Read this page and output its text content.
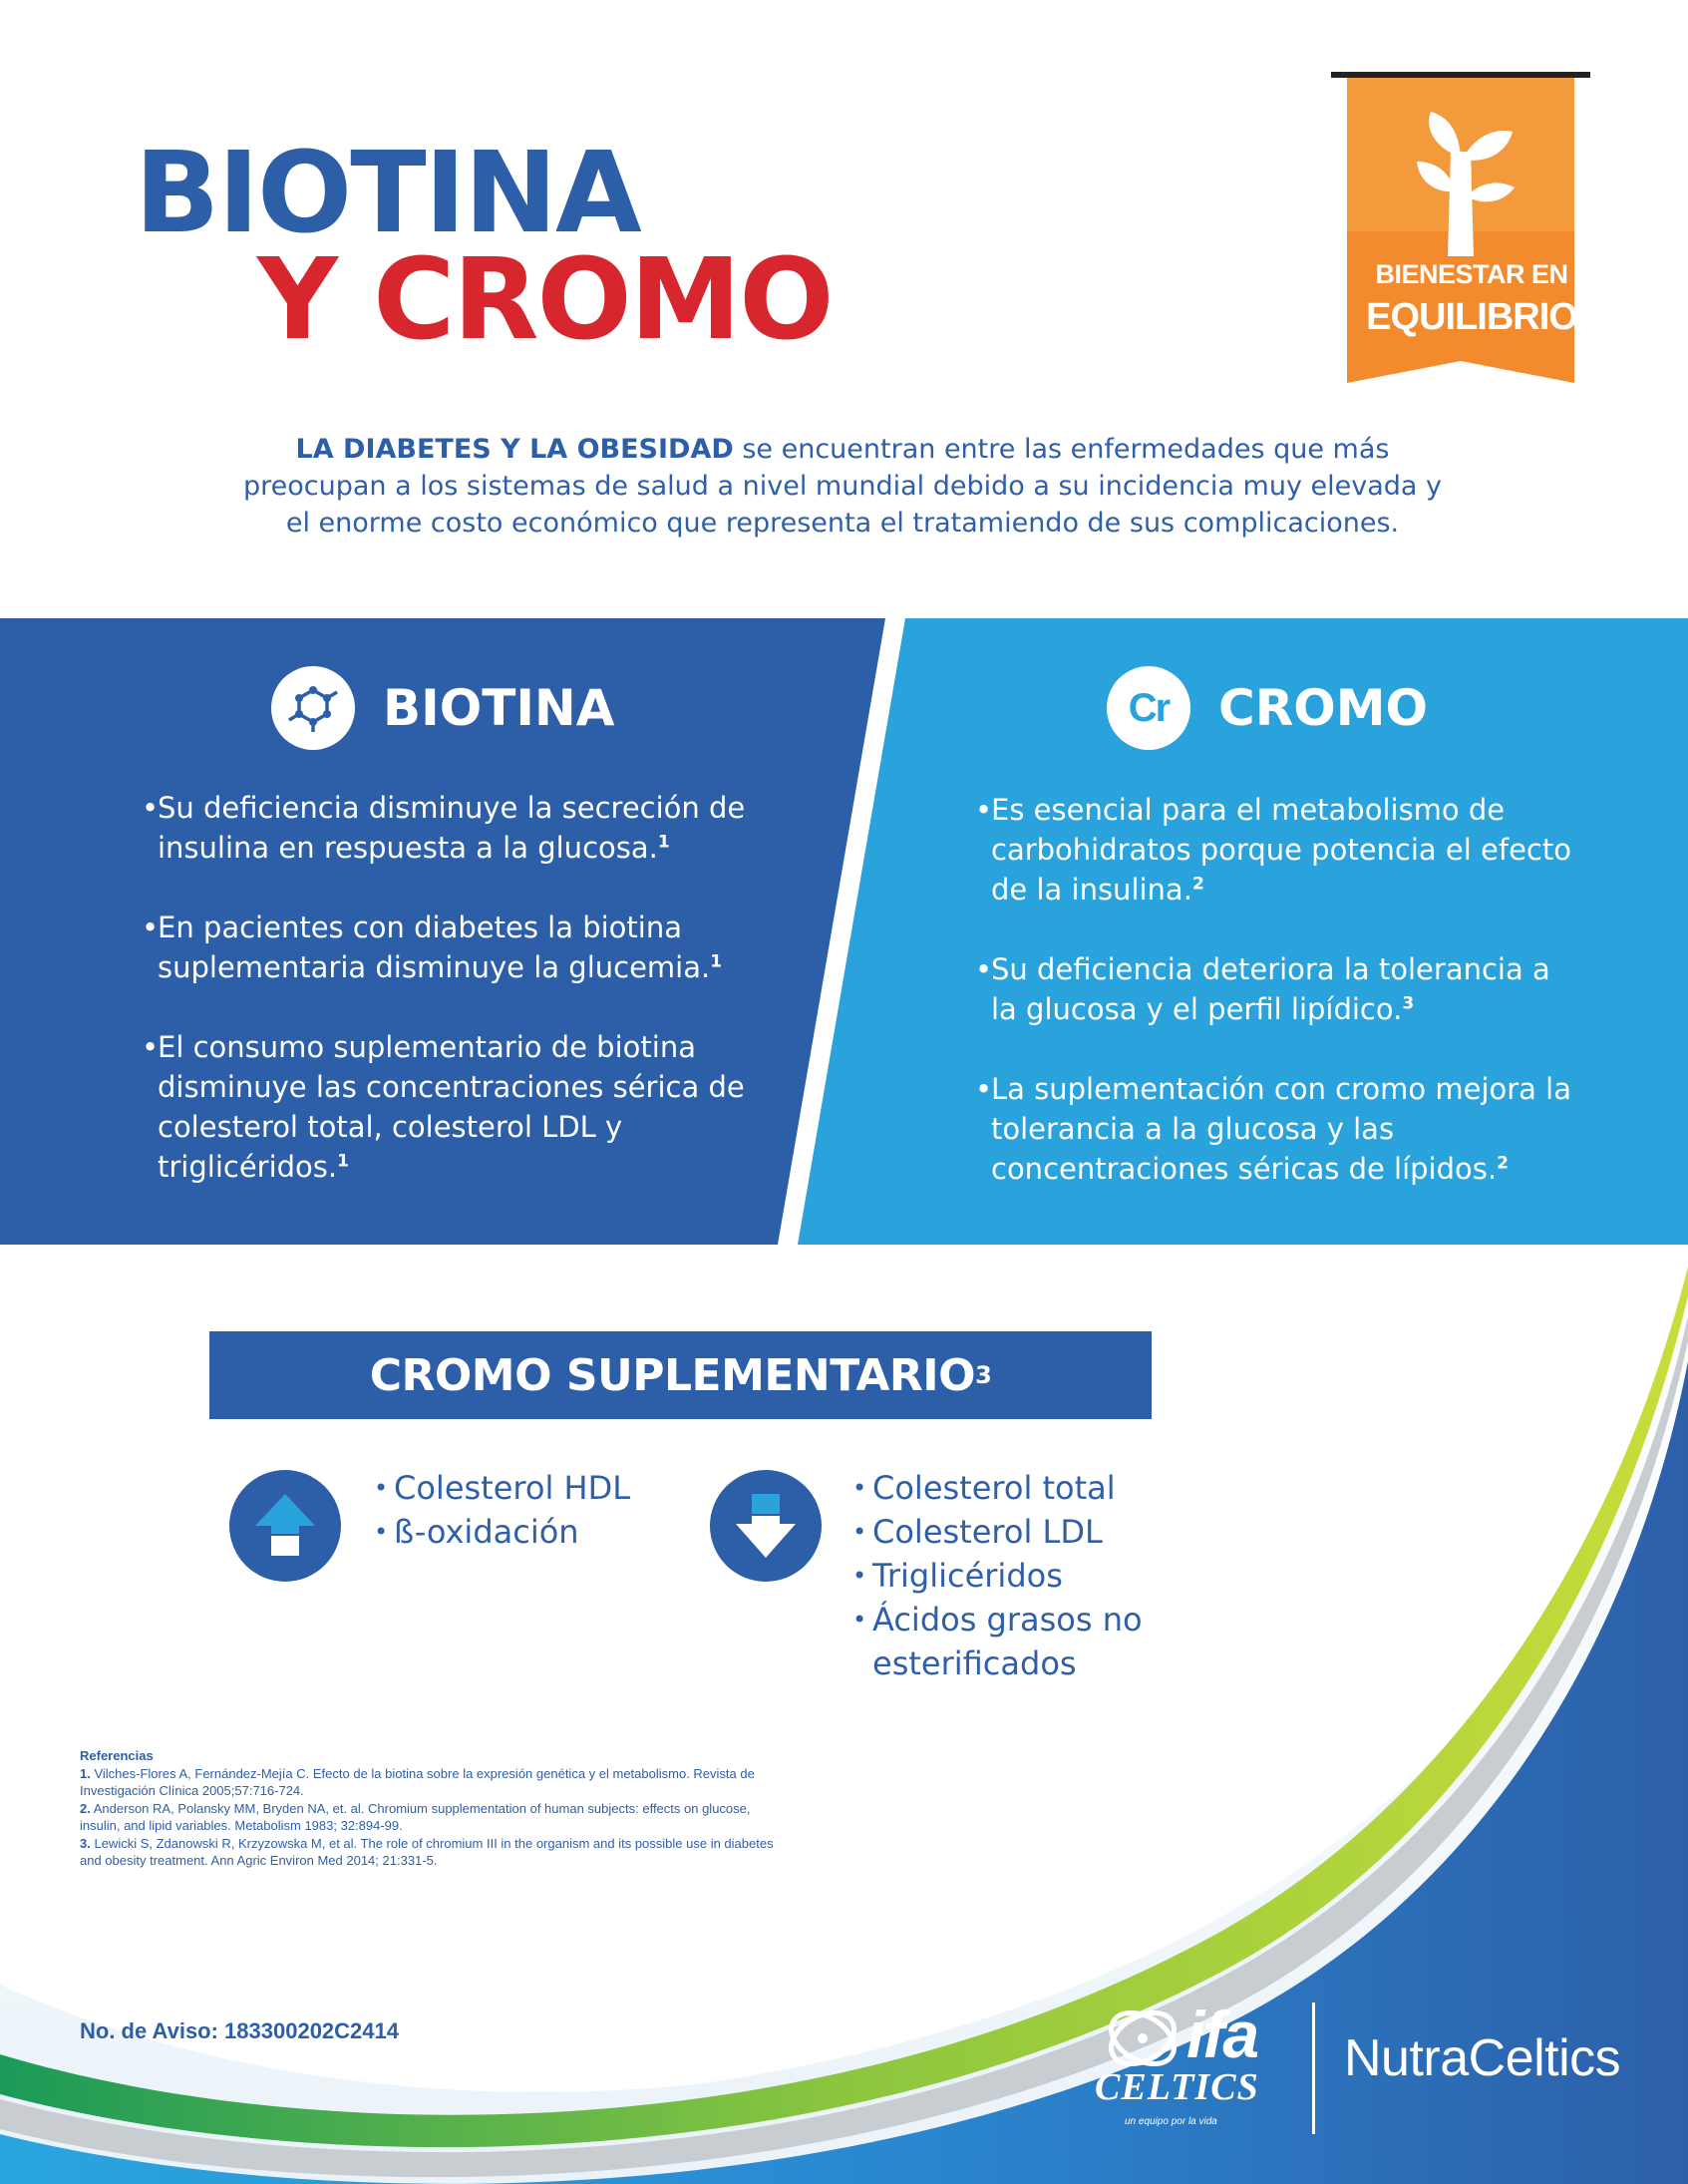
BIOTINA
Y CROMO	BIENESTAR EN
EQUILIBRIO
LA DIABETES Y LA OBESIDAD se encuentran entre las enfermedades que más preocupan a los sistemas de salud a nivel mundial debido a su incidencia muy elevada y el enorme costo económico que representa el tratamiendo de sus complicaciones.
BIOTINA
• Su deficiencia disminuye la secreción de insulina en respuesta a la glucosa.$^1$
• En pacientes con diabetes la biotina suplementaria disminuye la glucemia.$^1$
• El consumo suplementario de biotina disminuye las concentraciones sérica de colesterol total, colesterol LDL y triglicéridos.$^1$
Cr CROMO
• Es esencial para el metabolismo de carbohidratos porque potencia el efecto de la insulina.$^2$
• Su deficiencia deteriora la tolerancia a la glucosa y el perfil lipídico.$^3$
• La suplementación con cromo mejora la tolerancia a la glucosa y las concentraciones séricas de lípidos.$^2$
CROMO SUPLEMENTARIO 3
• Colesterol HDL
• ß-oxidación
• Colesterol total
• Colesterol LDL
• Triglicéridos
• Ácidos grasos no esterificados
Referencias
1. Vilches-Flores A, Fernández-Mejía C. Efecto de la biotina sobre la expresión genética y el metabolismo. Revista de Investigación Clínica 2005;57:716-724.
2. Anderson RA, Polansky MM, Bryden NA, et. al. Chromium supplementation of human subjects: effects on glucose, insulin, and lipid variables. Metabolism 1983; 32:894-99.
3. Lewicki S, Zdanowski R, Krzyzowska M, et al. The role of chromium III in the organism and its possible use in diabetes and obesity treatment. Ann Agric Environ Med 2014; 21:331-5.
No. de Aviso: 183300202C2414	ifa
CELTICS
un equipo por la vida
NutraCeltics
